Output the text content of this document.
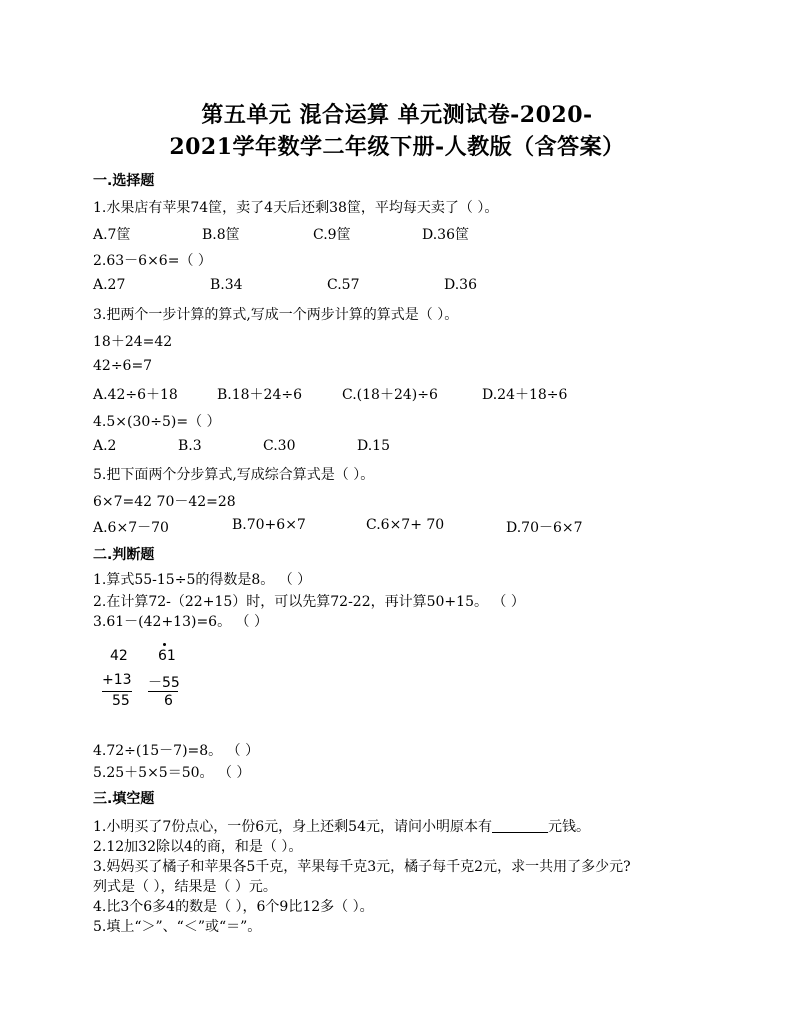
第五单元 混合运算 单元测试卷-2020-
2021学年数学二年级下册-人教版（含答案）
一.选择题
1.水果店有苹果74筐，卖了4天后还剩38筐，平均每天卖了（ ）。
A.7筐	B.8筐	C.9筐	D.36筐
2.63－6×6=（ ）
A.27	B.34	C.57	D.36
3.把两个一步计算的算式,写成一个两步计算的算式是（ ）。
18＋24=42
42÷6=7
A.42÷6＋18	B.18＋24÷6	C.(18＋24)÷6	D.24＋18÷6
4.5×(30÷5)=（ ）
A.2	B.3	C.30	D.15
5.把下面两个分步算式,写成综合算式是（ ）。
6×7=42 70－42=28
A.6×7－70	B.70+6×7	C.6×7+ 70	D.70－6×7
二.判断题
1.算式55-15÷5的得数是8。 （ ）
2.在计算72-（22+15）时，可以先算72-22，再计算50+15。 （ ）
3.61－(42+13)=6。 （ ）
42
+13
55
61
－55
6
4.72÷(15－7)=8。 （ ）
5.25＋5×5＝50。 （ ）
三.填空题
1.小明买了7份点心，一份6元，身上还剩54元，请问小明原本有	元钱。
2.12加32除以4的商，和是（ ）。
3.妈妈买了橘子和苹果各5千克，苹果每千克3元，橘子每千克2元，求一共用了多少元?
列式是（ ），结果是（ ）元。
4.比3个6多4的数是（ ），6个9比12多（ ）。
5.填上“＞”、“＜”或“＝”。
